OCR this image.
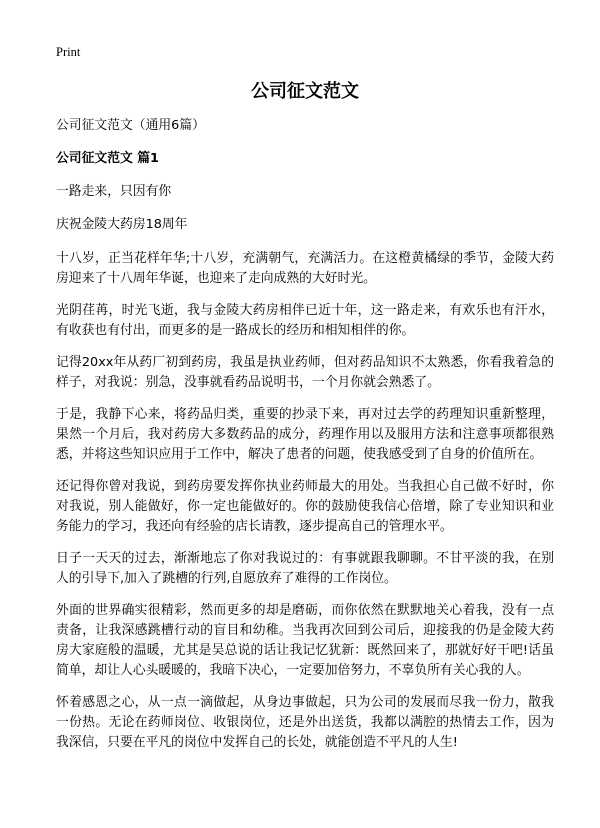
Print
公司征文范文
公司征文范文（通用6篇）
公司征文范文 篇1
一路走来，只因有你
庆祝金陵大药房18周年
十八岁，正当花样年华;十八岁，充满朝气，充满活力。在这橙黄橘绿的季节，金陵大药房迎来了十八周年华诞，也迎来了走向成熟的大好时光。
光阴荏苒，时光飞逝，我与金陵大药房相伴已近十年，这一路走来，有欢乐也有汗水，有收获也有付出，而更多的是一路成长的经历和相知相伴的你。
记得20xx年从药厂初到药房，我虽是执业药师，但对药品知识不太熟悉，你看我着急的样子，对我说：别急，没事就看药品说明书，一个月你就会熟悉了。
于是，我静下心来，将药品归类，重要的抄录下来，再对过去学的药理知识重新整理，果然一个月后，我对药房大多数药品的成分，药理作用以及服用方法和注意事项都很熟悉，并将这些知识应用于工作中，解决了患者的问题，使我感受到了自身的价值所在。
还记得你曾对我说，到药房要发挥你执业药师最大的用处。当我担心自己做不好时，你对我说，别人能做好，你一定也能做好的。你的鼓励使我信心倍增，除了专业知识和业务能力的学习，我还向有经验的店长请教，逐步提高自己的管理水平。
日子一天天的过去，渐渐地忘了你对我说过的：有事就跟我聊聊。不甘平淡的我，在别人的引导下,加入了跳槽的行列,自愿放弃了难得的工作岗位。
外面的世界确实很精彩，然而更多的却是磨砺，而你依然在默默地关心着我，没有一点责备，让我深感跳槽行动的盲目和幼稚。当我再次回到公司后，迎接我的仍是金陵大药房大家庭般的温暖，尤其是吴总说的话让我记忆犹新：既然回来了，那就好好干吧!话虽简单，却让人心头暖暖的，我暗下决心，一定要加倍努力，不辜负所有关心我的人。
怀着感恩之心，从一点一滴做起，从身边事做起，只为公司的发展而尽我一份力，散我一份热。无论在药师岗位、收银岗位，还是外出送货，我都以满腔的热情去工作，因为我深信，只要在平凡的岗位中发挥自己的长处，就能创造不平凡的人生!
